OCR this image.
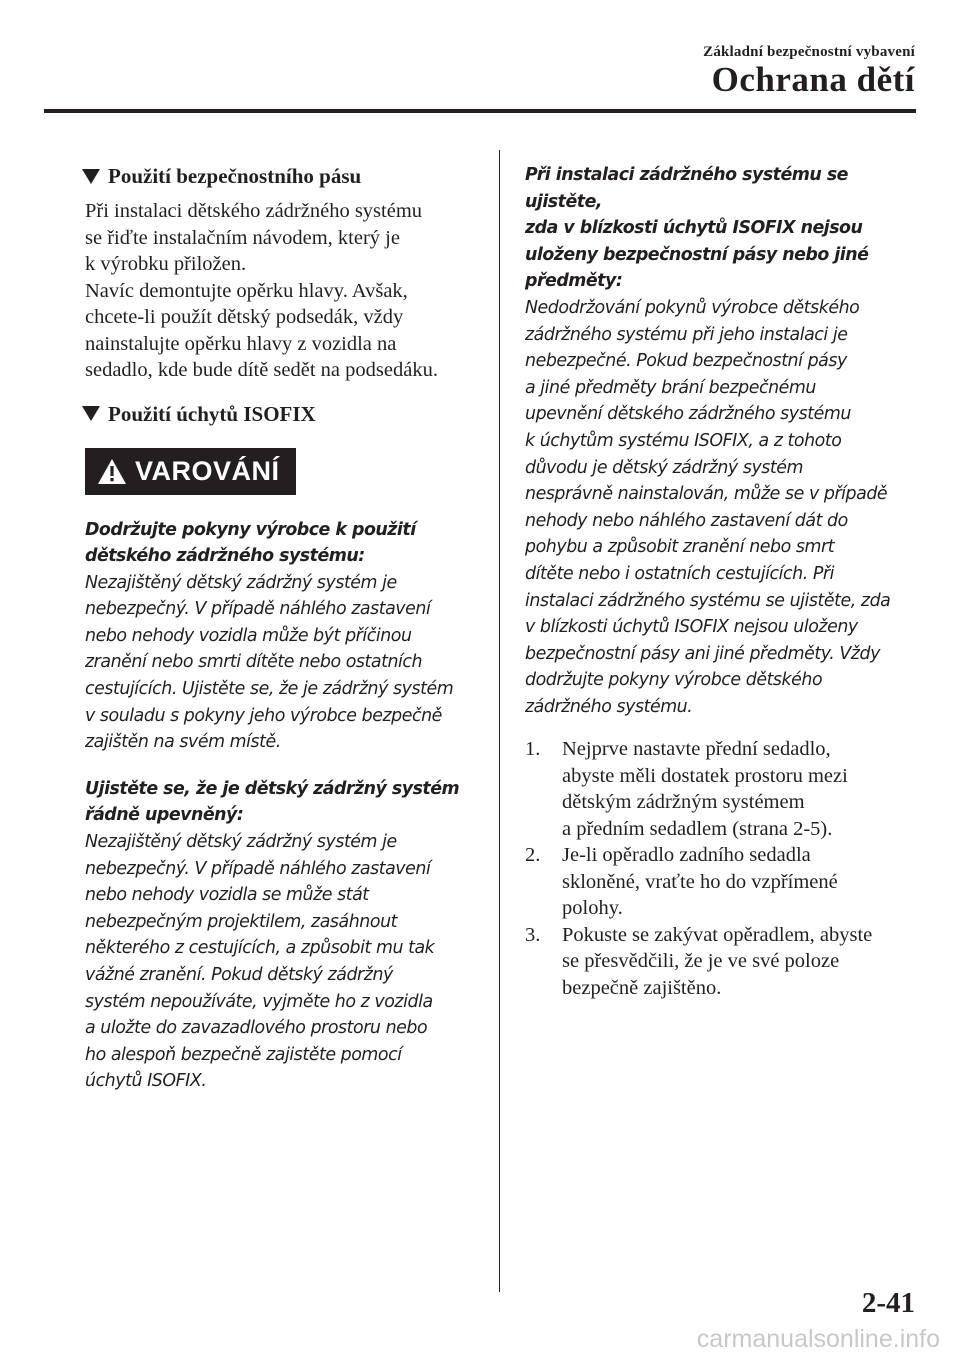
Základní bezpečnostní vybavení
Ochrana dětí
Použití bezpečnostního pásu

Při instalaci dětského zádržného systému

se řiďte instalačním návodem, který je

k výrobku přiložen.

Navíc demontujte opěrku hlavy. Avšak,

chcete-li použít dětský podsedák, vždy

nainstalujte opěrku hlavy z vozidla na

sedadlo, kde bude dítě sedět na podsedáku.

Použití úchytů ISOFIX
VAROVÁNÍ

Dodržujte pokyny výrobce k použití

dětského zádržného systému:

Nezajištěný dětský zádržný systém je

nebezpečný. V případě náhlého zastavení

nebo nehody vozidla může být příčinou

zranění nebo smrti dítěte nebo ostatních

cestujících. Ujistěte se, že je zádržný systém

v souladu s pokyny jeho výrobce bezpečně

zajištěn na svém místě.

Ujistěte se, že je dětský zádržný systém

řádně upevněný:

Nezajištěný dětský zádržný systém je

nebezpečný. V případě náhlého zastavení

nebo nehody vozidla se může stát

nebezpečným projektilem, zasáhnout

některého z cestujících, a způsobit mu tak

vážné zranění. Pokud dětský zádržný

systém nepoužíváte, vyjměte ho z vozidla

a uložte do zavazadlového prostoru nebo

ho alespoň bezpečně zajistěte pomocí

úchytů ISOFIX.

Při instalaci zádržného systému se ujistěte,

zda v blízkosti úchytů ISOFIX nejsou

uloženy bezpečnostní pásy nebo jiné

předměty:

Nedodržování pokynů výrobce dětského

zádržného systému při jeho instalaci je

nebezpečné. Pokud bezpečnostní pásy

a jiné předměty brání bezpečnému

upevnění dětského zádržného systému

k úchytům systému ISOFIX, a z tohoto

důvodu je dětský zádržný systém

nesprávně nainstalován, může se v případě

nehody nebo náhlého zastavení dát do

pohybu a způsobit zranění nebo smrt

dítěte nebo i ostatních cestujících. Při

instalaci zádržného systému se ujistěte, zda

v blízkosti úchytů ISOFIX nejsou uloženy

bezpečnostní pásy ani jiné předměty. Vždy

dodržujte pokyny výrobce dětského

zádržného systému.

1.	Nejprve nastavte přední sedadlo,
abyste měli dostatek prostoru mezi
dětským zádržným systémem
a předním sedadlem (strana 2-5).
2.	Je-li opěradlo zadního sedadla
skloněné, vraťte ho do vzpřímené
polohy.
3.	Pokuste se zakývat opěradlem, abyste
se přesvědčili, že je ve své poloze
bezpečně zajištěno.
2-41
carmanualsonline.info
